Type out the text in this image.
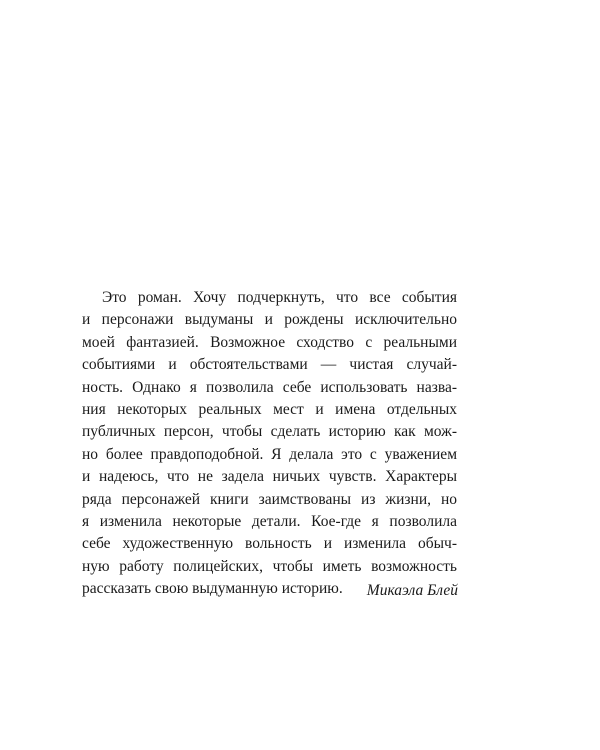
Это роман. Хочу подчеркнуть, что все события
и персонажи выдуманы и рождены исключительно
моей фантазией. Возможное сходство с реальными
событиями и обстоятельствами — чистая случай-
ность. Однако я позволила себе использовать назва-
ния некоторых реальных мест и имена отдельных
публичных персон, чтобы сделать историю как мож-
но более правдоподобной. Я делала это с уважением
и надеюсь, что не задела ничьих чувств. Характеры
ряда персонажей книги заимствованы из жизни, но
я изменила некоторые детали. Кое-где я позволила
себе художественную вольность и изменила обыч-
ную работу полицейских, чтобы иметь возможность
рассказать свою выдуманную историю.	Микаэла Блей
